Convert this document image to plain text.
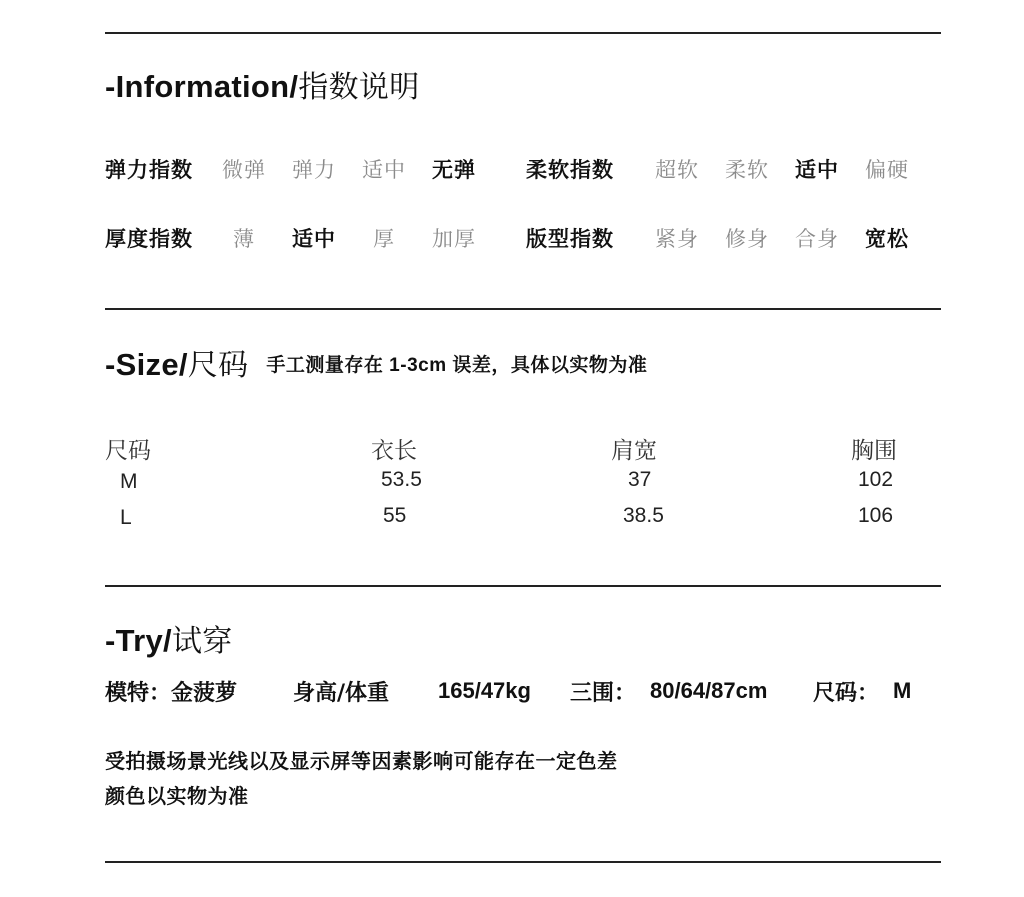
-Information/指数说明
弹力指数 微弹 弹力 适中 无弹 柔软指数 超软 柔软 适中 偏硬
厚度指数 薄 适中 厚 加厚 版型指数 紧身 修身 合身 宽松
-Size/尺码 手工测量存在 1-3cm 误差，具体以实物为准
尺码	衣长	肩宽	胸围
M	53.5	37	102
L	55	38.5	106
-Try/试穿
模特：金菠萝	身高/体重 165/47kg 三围： 80/64/87cm 尺码： M
受拍摄场景光线以及显示屏等因素影响可能存在一定色差
颜色以实物为准
